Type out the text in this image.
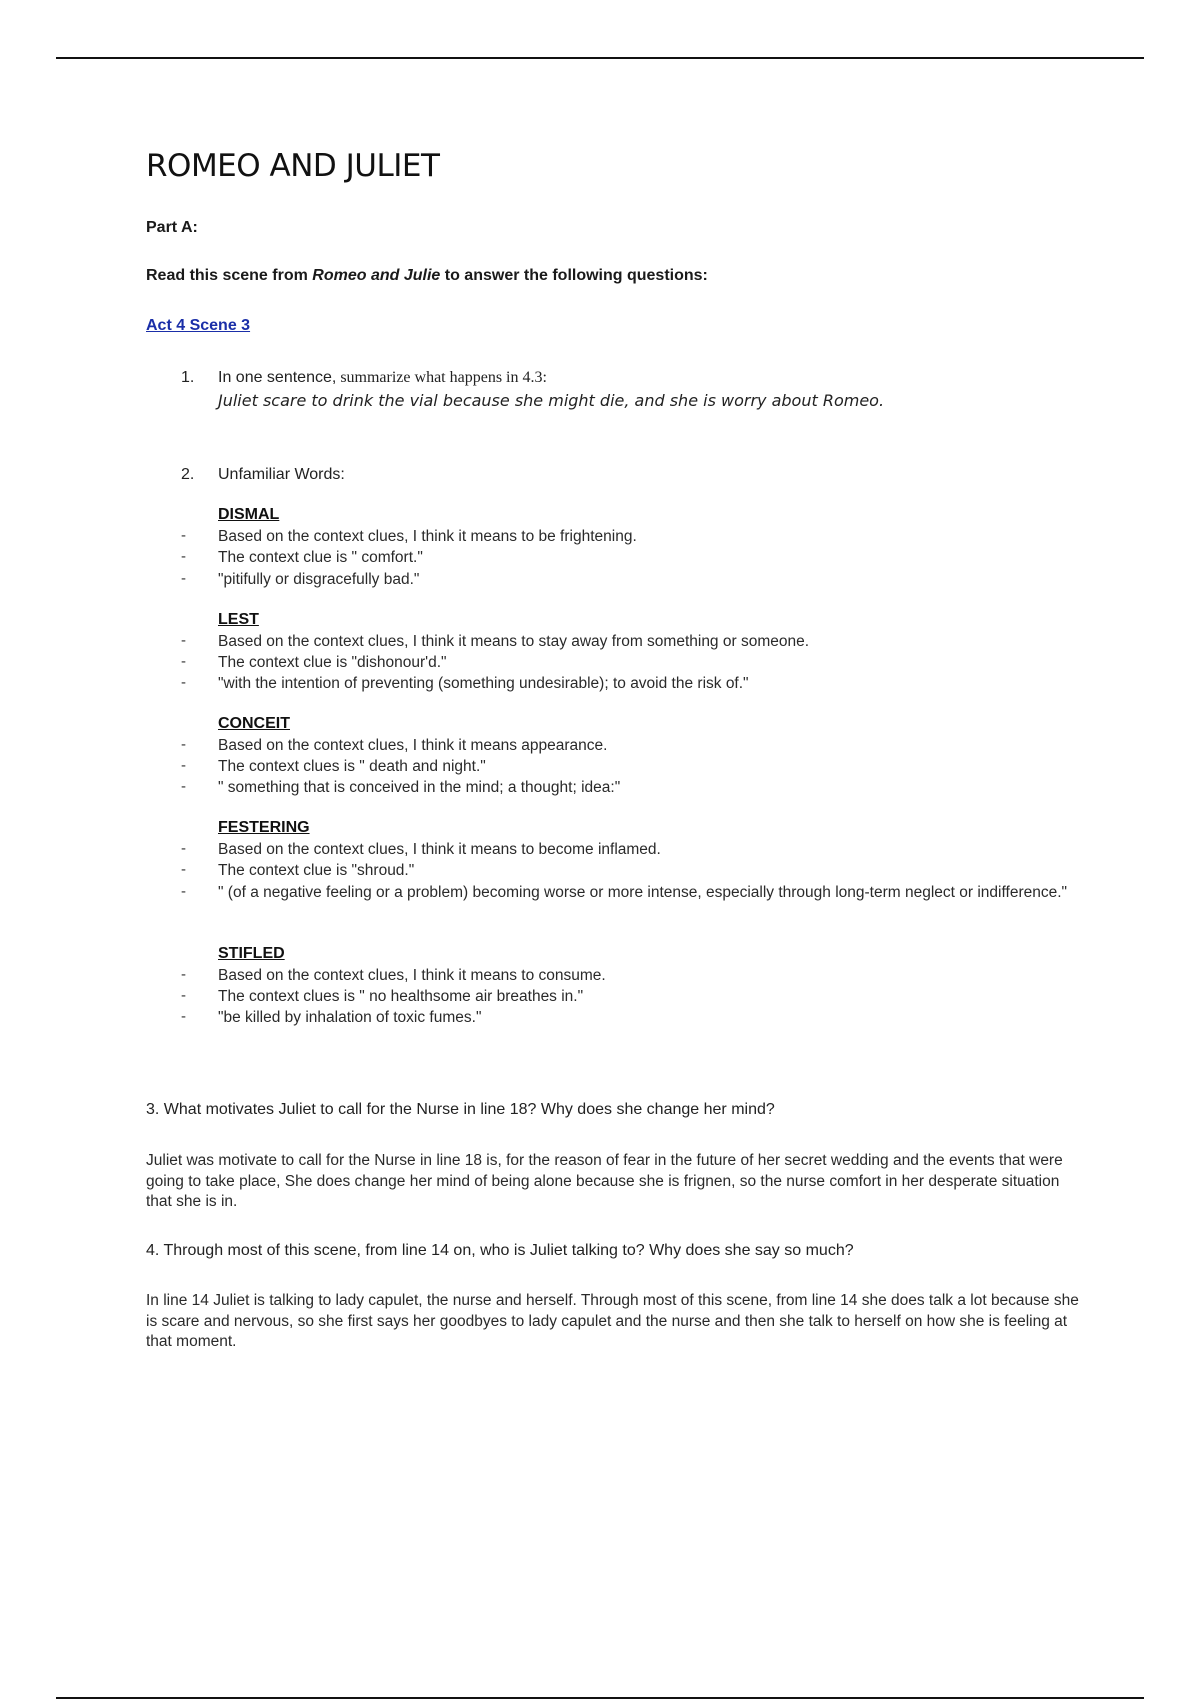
ROMEO AND JULIET
Part A:
Read this scene from Romeo and Julie to answer the following questions:
Act 4 Scene 3
1. In one sentence, summarize what happens in 4.3:
Juliet scare to drink the vial because she might die, and she is worry about Romeo.
2. Unfamiliar Words:
DISMAL
- Based on the context clues, I think it means to be frightening.
- The context clue is " comfort."
- "pitifully or disgracefully bad."
LEST
- Based on the context clues, I think it means to stay away from something or someone.
- The context clue is "dishonour'd."
- "with the intention of preventing (something undesirable); to avoid the risk of."
CONCEIT
- Based on the context clues, I think it means appearance.
- The context clues is " death and night."
- " something that is conceived in the mind; a thought; idea:"
FESTERING
- Based on the context clues, I think it means to become inflamed.
- The context clue is "shroud."
- " (of a negative feeling or a problem) becoming worse or more intense, especially through long-term neglect or indifference."
STIFLED
- Based on the context clues, I think it means to consume.
- The context clues is " no healthsome air breathes in."
- "be killed by inhalation of toxic fumes."
3. What motivates Juliet to call for the Nurse in line 18? Why does she change her mind?
Juliet was motivate to call for the Nurse in line 18 is, for the reason of fear in the future of her secret wedding and the events that were going to take place, She does change her mind of being alone because she is frignen, so the nurse comfort in her desperate situation that she is in.
4. Through most of this scene, from line 14 on, who is Juliet talking to? Why does she say so much?
In line 14 Juliet is talking to lady capulet, the nurse and herself. Through most of this scene, from line 14 she does talk a lot because she is scare and nervous, so she first says her goodbyes to lady capulet and the nurse and then she talk to herself on how she is feeling at that moment.
